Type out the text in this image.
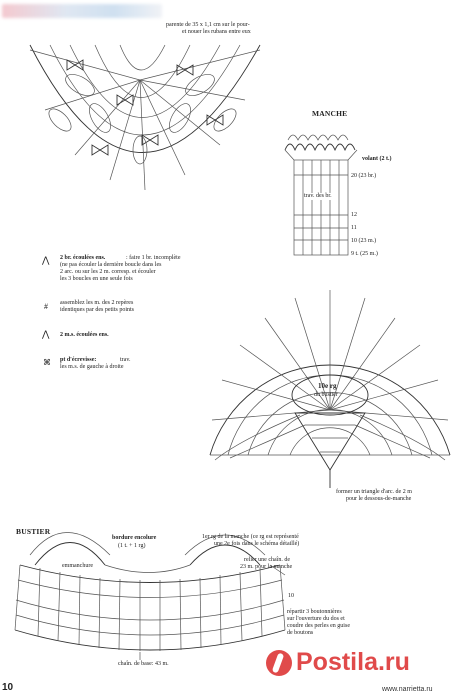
parente de 35 x 1,1 cm sur le pour-
et nouer les rubans entre eux
MANCHE
volant (2 t.)
20 (23 br.)
trav. des br.
12
11
10 (23 m.)
9 t. (25 m.)
⋀ 2 br. écoulées ens.	: faire 1 br. incomplète
(ne pas écouler la dernière boucle dans les
2 arc. ou sur les 2 m. corresp. et écouler
les 3 boucles en une seule fois
# assemblez les m. des 2 repères
identiques par des petits points
⋀ 2 m.s. écoulées ens.
⌘ pt d'écrevisse:	trav.
les m.s. de gauche à droite
10e rg
du bustier
former un triangle d'arc. de 2 m
pour le dessous-de-manche
BUSTIER
bordure encolure
(1 t. + 1 rg)
emmanchure
1er rg de la manche (ce rg est représenté
une 2e fois dans le schéma détaillé)
relier une chaîn. de
23 m. pour la manche
10
répartir 3 boutonnières
sur l'ouverture du dos et
coudre des perles en guise
de boutons
chaîn. de base: 43 m.
10
Postila.ru
www.narrietta.ru
